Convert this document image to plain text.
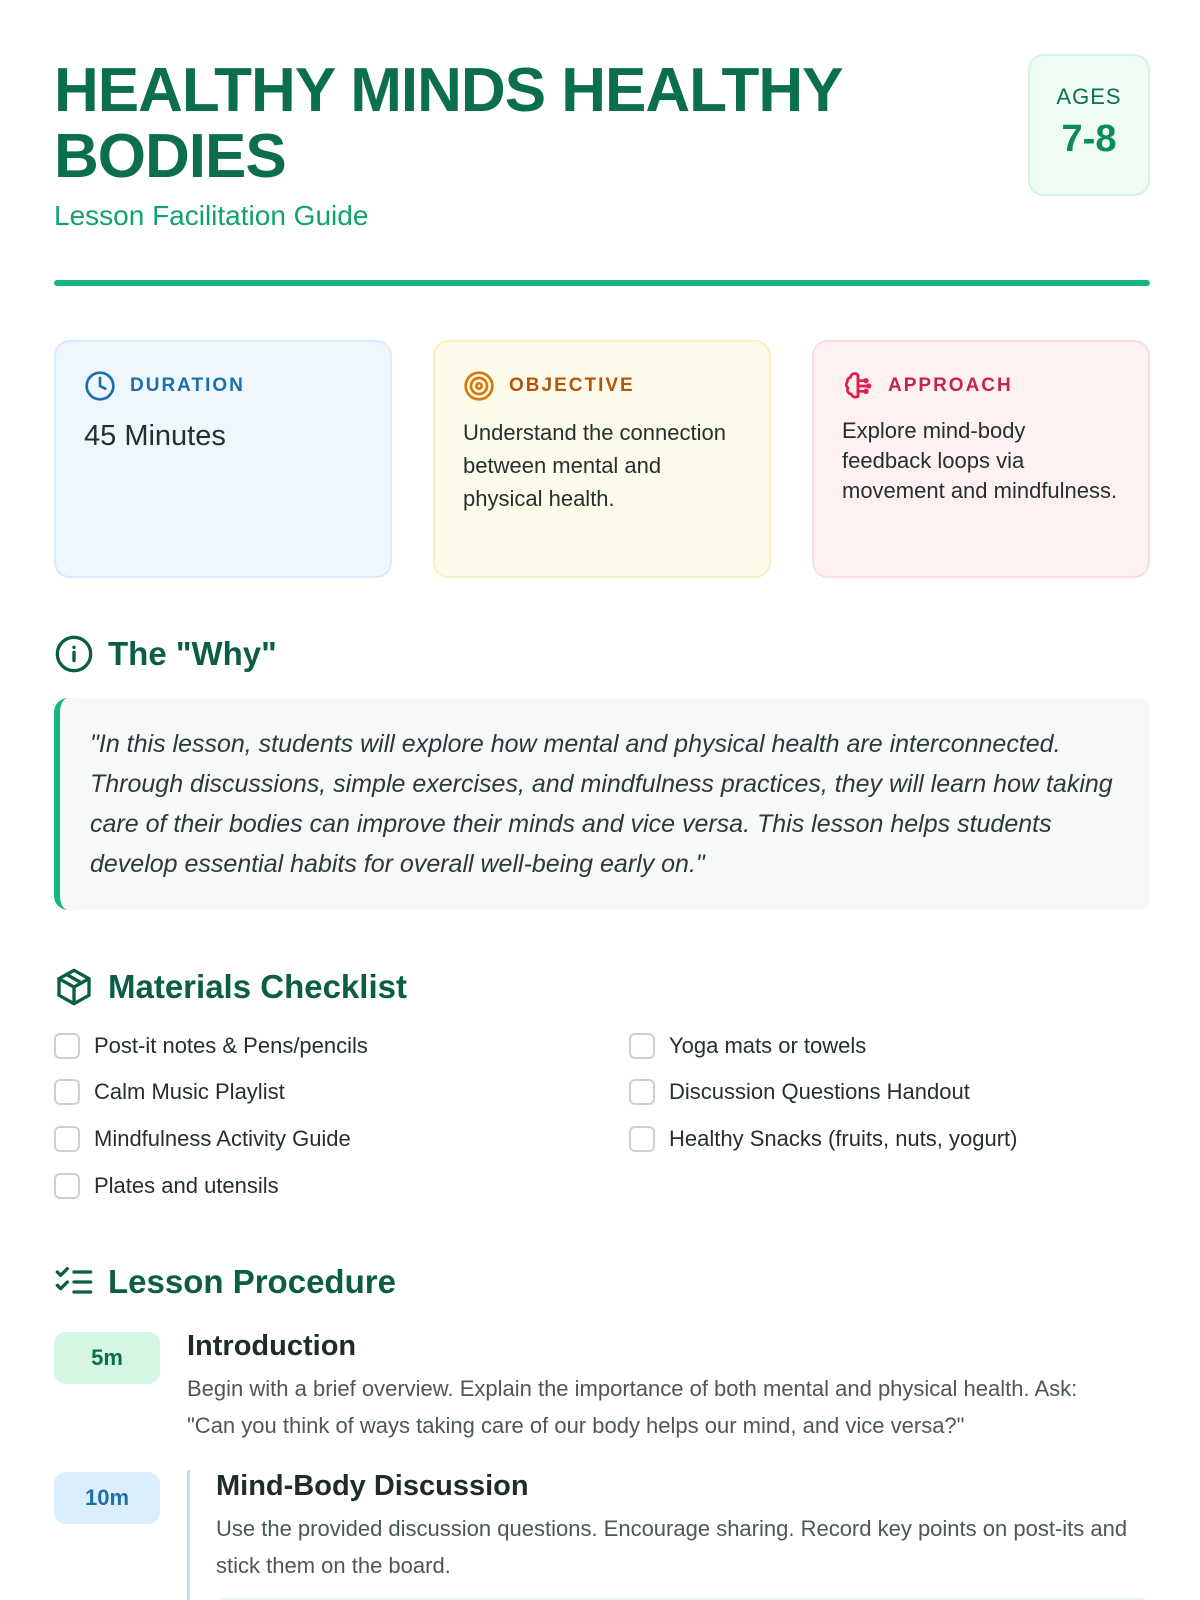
HEALTHY MINDS HEALTHY BODIES
Lesson Facilitation Guide
AGES
7-8
DURATION
45 Minutes
OBJECTIVE
Understand the connection between mental and physical health.
APPROACH
Explore mind-body feedback loops via movement and mindfulness.
The "Why"

"In this lesson, students will explore how mental and physical health are interconnected. Through discussions, simple exercises, and mindfulness practices, they will learn how taking care of their bodies can improve their minds and vice versa. This lesson helps students develop essential habits for overall well-being early on."

Materials Checklist
Post-it notes & Pens/pencils	Yoga mats or towels
Calm Music Playlist	Discussion Questions Handout
Mindfulness Activity Guide	Healthy Snacks (fruits, nuts, yogurt)
Plates and utensils
Lesson Procedure
5m	Introduction
Begin with a brief overview. Explain the importance of both mental and physical health. Ask: "Can you think of ways taking care of our body helps our mind, and vice versa?"
10m	Mind-Body Discussion
Use the provided discussion questions. Encourage sharing. Record key points on post-its and stick them on the board.
